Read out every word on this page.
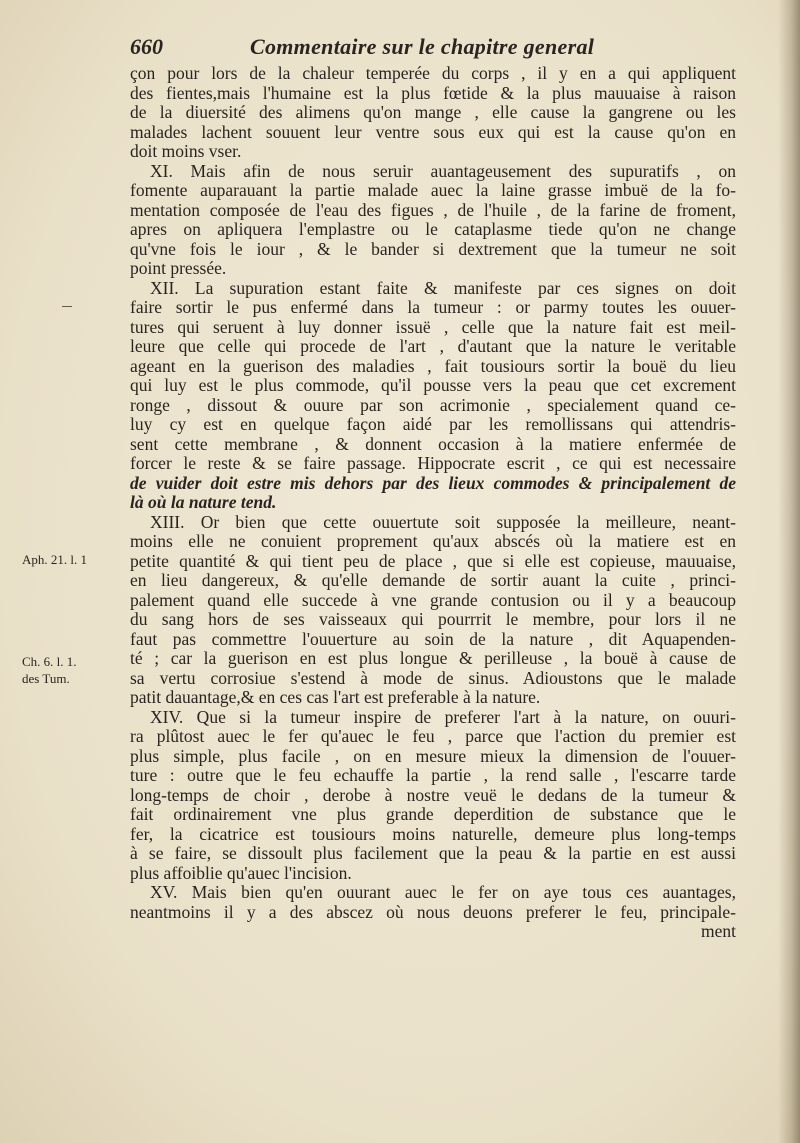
660	Commentaire sur le chapitre general
Aph. 21. l. 1
Ch. 6. l. 1.
des Tum.
çon pour lors de la chaleur temperée du corps , il y en a qui appliquent
des fientes,mais l'humaine est la plus fœtide & la plus mauuaise à raison
de la diuersité des alimens qu'on mange , elle cause la gangrene ou les
malades lachent souuent leur ventre sous eux qui est la cause qu'on en
doit moins vser.
XI. Mais afin de nous seruir auantageusement des supuratifs , on
fomente auparauant la partie malade auec la laine grasse imbuë de la fo-
mentation composée de l'eau des figues , de l'huile , de la farine de froment,
apres on apliquera l'emplastre ou le cataplasme tiede qu'on ne change
qu'vne fois le iour , & le bander si dextrement que la tumeur ne soit
point pressée.
XII. La supuration estant faite & manifeste par ces signes on doit
faire sortir le pus enfermé dans la tumeur : or parmy toutes les ouuer-
tures qui seruent à luy donner issuë , celle que la nature fait est meil-
leure que celle qui procede de l'art , d'autant que la nature le veritable
ageant en la guerison des maladies , fait tousiours sortir la bouë du lieu
qui luy est le plus commode, qu'il pousse vers la peau que cet excrement
ronge , dissout & ouure par son acrimonie , specialement quand ce-
luy cy est en quelque façon aidé par les remollissans qui attendris-
sent cette membrane , & donnent occasion à la matiere enfermée de
forcer le reste & se faire passage. Hippocrate escrit , ce qui est necessaire
de vuider doit estre mis dehors par des lieux commodes & principalement de
là où la nature tend.
XIII. Or bien que cette ouuertute soit supposée la meilleure, neant-
moins elle ne conuient proprement qu'aux abscés où la matiere est en
petite quantité & qui tient peu de place , que si elle est copieuse, mauuaise,
en lieu dangereux, & qu'elle demande de sortir auant la cuite , princi-
palement quand elle succede à vne grande contusion ou il y a beaucoup
du sang hors de ses vaisseaux qui pourrrit le membre, pour lors il ne
faut pas commettre l'ouuerture au soin de la nature , dit Aquapenden-
té ; car la guerison en est plus longue & perilleuse , la bouë à cause de
sa vertu corrosiue s'estend à mode de sinus. Adioustons que le malade
patit dauantage,& en ces cas l'art est preferable à la nature.
XIV. Que si la tumeur inspire de preferer l'art à la nature, on ouuri-
ra plûtost auec le fer qu'auec le feu , parce que l'action du premier est
plus simple, plus facile , on en mesure mieux la dimension de l'ouuer-
ture : outre que le feu echauffe la partie , la rend salle , l'escarre tarde
long-temps de choir , derobe à nostre veuë le dedans de la tumeur &
fait ordinairement vne plus grande deperdition de substance que le
fer, la cicatrice est tousiours moins naturelle, demeure plus long-temps
à se faire, se dissoult plus facilement que la peau & la partie en est aussi
plus affoiblie qu'auec l'incision.
XV. Mais bien qu'en ouurant auec le fer on aye tous ces auantages,
neantmoins il y a des abscez où nous deuons preferer le feu, principale-
ment
